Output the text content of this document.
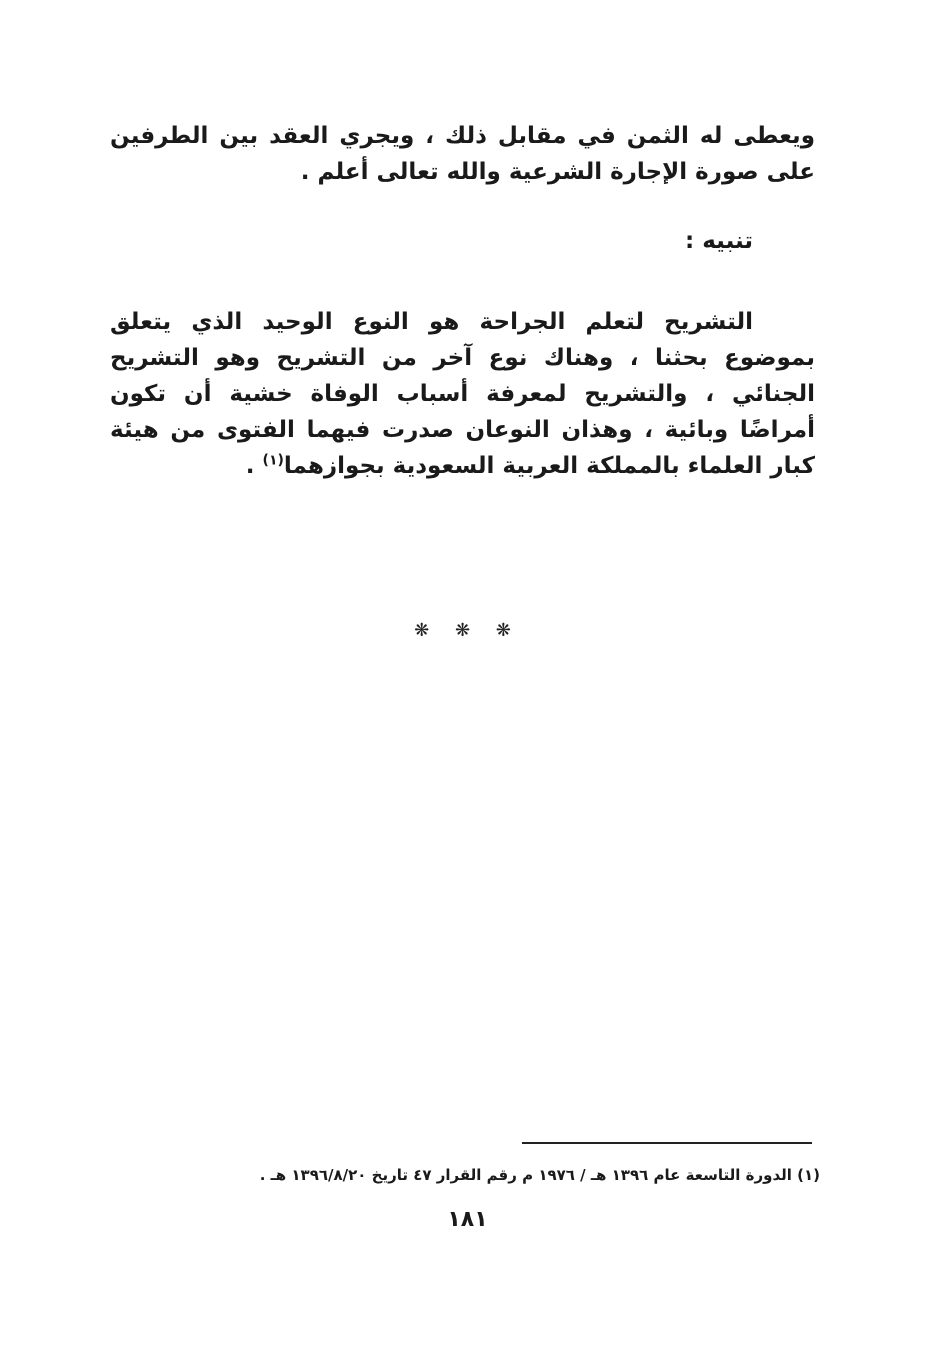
ويعطى له الثمن في مقابل ذلك ، ويجري العقد بين الطرفين على صورة الإجارة الشرعية والله تعالى أعلم .

تنبيه :

التشريح لتعلم الجراحة هو النوع الوحيد الذي يتعلق بموضوع بحثنا ، وهناك نوع آخر من التشريح وهو التشريح الجنائي ، والتشريح لمعرفة أسباب الوفاة خشية أن تكون أمراضًا وبائية ، وهذان النوعان صدرت فيهما الفتوى من هيئة كبار العلماء بالمملكة العربية السعودية بجوازهما$^{(١)}$ .

❋ ❋ ❋
(١) الدورة التاسعة عام ١٣٩٦ هـ / ١٩٧٦ م رقم القرار ٤٧ تاريخ ١٣٩٦/٨/٢٠ هـ .
١٨١
